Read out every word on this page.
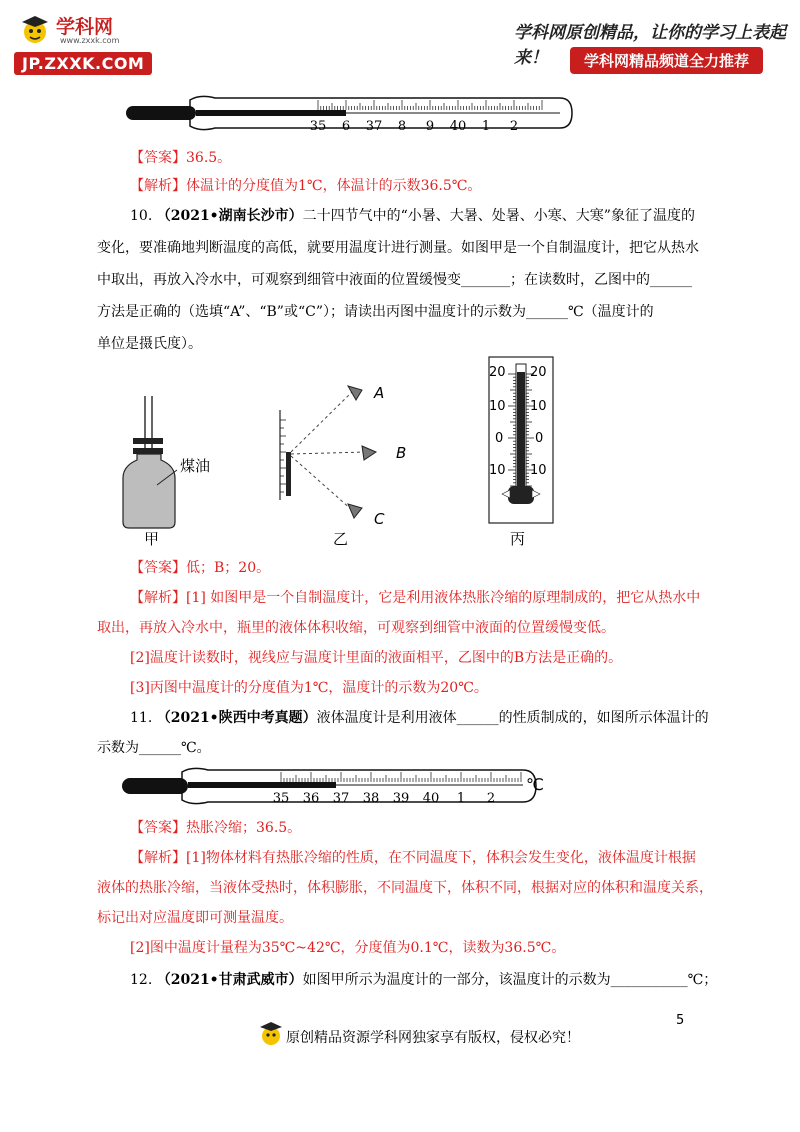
学科网
www.zxxk.com
JP.ZXXK.COM
学科网原创精品，让你的学习上表起来！	学科网精品频道全力推荐
35 6 37 8 9 40 1 2
【答案】36.5。
【解析】体温计的分度值为1℃，体温计的示数36.5℃。
10. （2021•湖南长沙市）二十四节气中的“小暑、大暑、处暑、小寒、大寒”象征了温度的
变化，要准确地判断温度的高低，就要用温度计进行测量。如图甲是一个自制温度计，把它从热水
中取出，再放入冷水中，可观察到细管中液面的位置缓慢变_______；在读数时，乙图中的______
方法是正确的（选填“A”、“B”或“C”）；请读出丙图中温度计的示数为______℃（温度计的
单位是摄氏度）。
煤油
甲
A
B
C
乙
20
10
0
10
20
10
0
10
丙
【答案】低；B；20。
【解析】[1] 如图甲是一个自制温度计，它是利用液体热胀冷缩的原理制成的，把它从热水中
取出，再放入冷水中，瓶里的液体体积收缩，可观察到细管中液面的位置缓慢变低。
[2]温度计读数时，视线应与温度计里面的液面相平，乙图中的B方法是正确的。
[3]丙图中温度计的分度值为1℃，温度计的示数为20℃。
11. （2021•陕西中考真题）液体温度计是利用液体______的性质制成的，如图所示体温计的
示数为______℃。
35 36 37 38 39 40 1 2
℃
【答案】热胀冷缩；36.5。
【解析】[1]物体材料有热胀冷缩的性质，在不同温度下，体积会发生变化，液体温度计根据
液体的热胀冷缩，当液体受热时，体积膨胀，不同温度下，体积不同，根据对应的体积和温度关系，
标记出对应温度即可测量温度。
[2]图中温度计量程为35℃~42℃，分度值为0.1℃，读数为36.5℃。
12. （2021•甘肃武威市）如图甲所示为温度计的一部分，该温度计的示数为___________℃；
5
原创精品资源学科网独家享有版权，侵权必究！
